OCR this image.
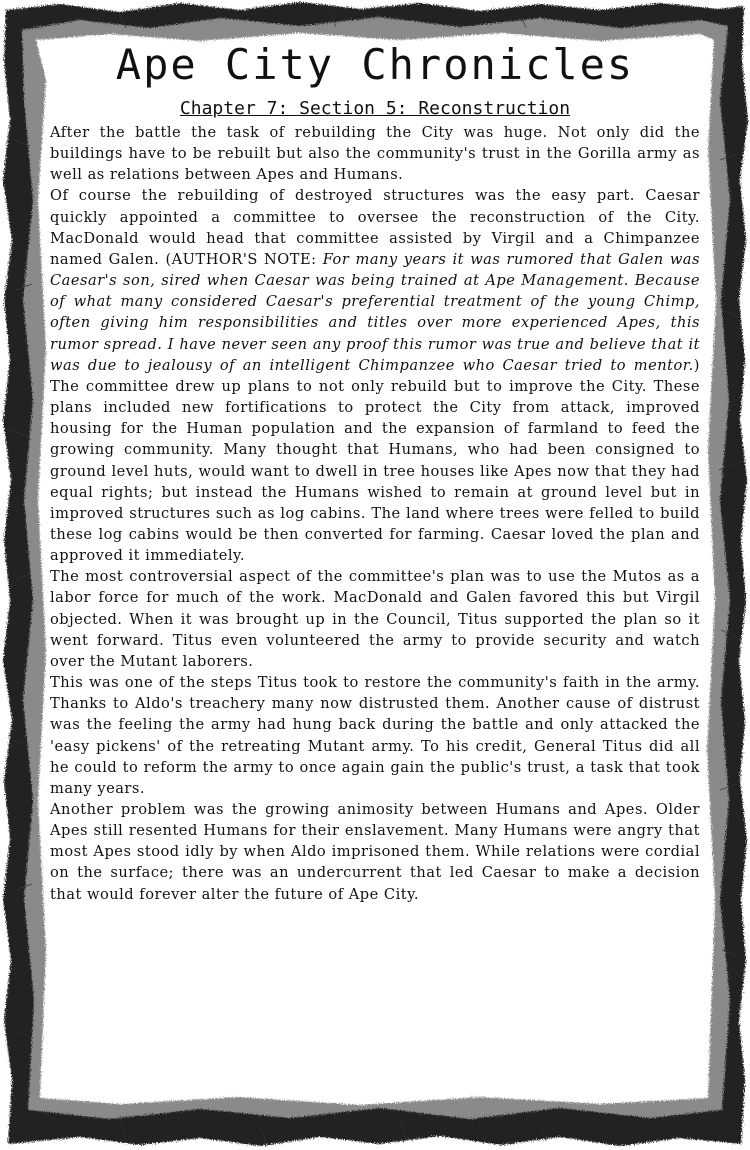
Ape City Chronicles
Chapter 7: Section 5: Reconstruction

After the battle the task of rebuilding the City was huge. Not only did the buildings have to be rebuilt but also the community's trust in the Gorilla army as well as relations between Apes and Humans.

Of course the rebuilding of destroyed structures was the easy part. Caesar quickly appointed a committee to oversee the reconstruction of the City. MacDonald would head that committee assisted by Virgil and a Chimpanzee named Galen. (AUTHOR'S NOTE: For many years it was rumored that Galen was Caesar's son, sired when Caesar was being trained at Ape Management. Because of what many considered Caesar's preferential treatment of the young Chimp, often giving him responsibilities and titles over more experienced Apes, this rumor spread. I have never seen any proof this rumor was true and believe that it was due to jealousy of an intelligent Chimpanzee who Caesar tried to mentor.) The committee drew up plans to not only rebuild but to improve the City. These plans included new fortifications to protect the City from attack, improved housing for the Human population and the expansion of farmland to feed the growing community. Many thought that Humans, who had been consigned to ground level huts, would want to dwell in tree houses like Apes now that they had equal rights; but instead the Humans wished to remain at ground level but in improved structures such as log cabins. The land where trees were felled to build these log cabins would be then converted for farming. Caesar loved the plan and approved it immediately.

The most controversial aspect of the committee's plan was to use the Mutos as a labor force for much of the work. MacDonald and Galen favored this but Virgil objected. When it was brought up in the Council, Titus supported the plan so it went forward. Titus even volunteered the army to provide security and watch over the Mutant laborers.

This was one of the steps Titus took to restore the community's faith in the army. Thanks to Aldo's treachery many now distrusted them. Another cause of distrust was the feeling the army had hung back during the battle and only attacked the 'easy pickens' of the retreating Mutant army. To his credit, General Titus did all he could to reform the army to once again gain the public's trust, a task that took many years.

Another problem was the growing animosity between Humans and Apes. Older Apes still resented Humans for their enslavement. Many Humans were angry that most Apes stood idly by when Aldo imprisoned them. While relations were cordial on the surface; there was an undercurrent that led Caesar to make a decision that would forever alter the future of Ape City.
